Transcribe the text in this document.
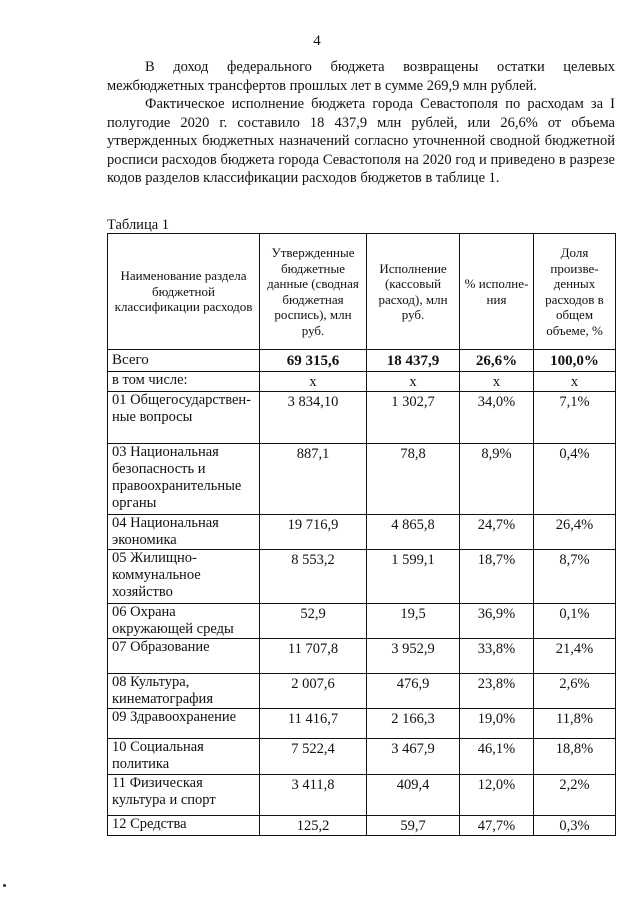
4

В доход федерального бюджета возвращены остатки целевых межбюджетных трансфертов прошлых лет в сумме 269,9 млн рублей.

Фактическое исполнение бюджета города Севастополя по расходам за I полугодие 2020 г. составило 18 437,9 млн рублей, или 26,6% от объема утвержденных бюджетных назначений согласно уточненной сводной бюджетной росписи расходов бюджета города Севастополя на 2020 год и приведено в разрезе кодов разделов классификации расходов бюджетов в таблице 1.

Таблица 1
Наименование раздела бюджетной классификации расходов	Утвержденные бюджетные данные (сводная бюджетная роспись), млн руб.	Исполнение (кассовый расход), млн руб.	% исполне-ния	Доля произве-денных расходов в общем объеме, %
Всего	69 315,6	18 437,9	26,6%	100,0%
в том числе:	х	х	х	х
01 Общегосударствен-ные вопросы	3 834,10	1 302,7	34,0%	7,1%
03 Национальная безопасность и правоохранительные органы	887,1	78,8	8,9%	0,4%
04 Национальная экономика	19 716,9	4 865,8	24,7%	26,4%
05 Жилищно-коммунальное хозяйство	8 553,2	1 599,1	18,7%	8,7%
06 Охрана окружающей среды	52,9	19,5	36,9%	0,1%
07 Образование	11 707,8	3 952,9	33,8%	21,4%
08 Культура, кинематография	2 007,6	476,9	23,8%	2,6%
09 Здравоохранение	11 416,7	2 166,3	19,0%	11,8%
10 Социальная политика	7 522,4	3 467,9	46,1%	18,8%
11 Физическая культура и спорт	3 411,8	409,4	12,0%	2,2%
12 Средства	125,2	59,7	47,7%	0,3%
